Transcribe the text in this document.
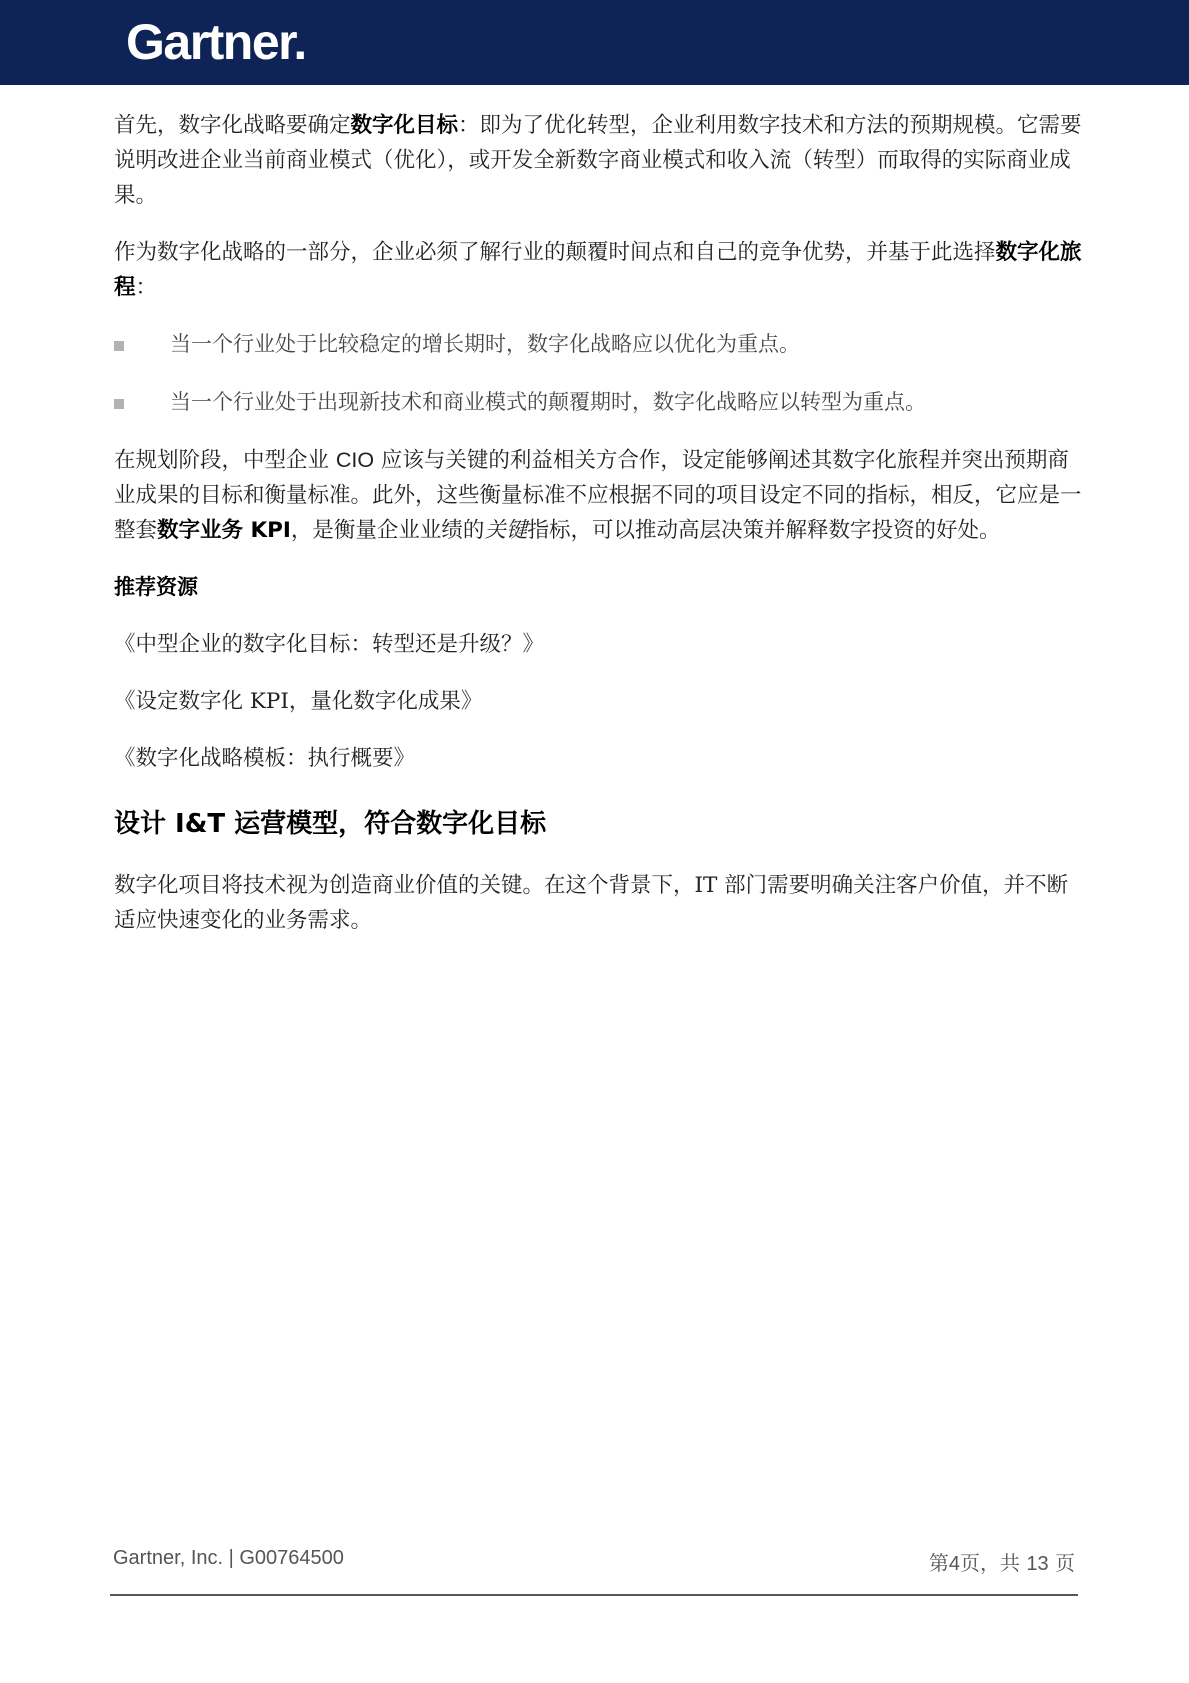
Gartner.

首先，数字化战略要确定数字化目标：即为了优化转型，企业利用数字技术和方法的预期规模。它需要说明改进企业当前商业模式（优化），或开发全新数字商业模式和收入流（转型）而取得的实际商业成果。

作为数字化战略的一部分，企业必须了解行业的颠覆时间点和自己的竞争优势，并基于此选择数字化旅程：

当一个行业处于比较稳定的增长期时，数字化战略应以优化为重点。
当一个行业处于出现新技术和商业模式的颠覆期时，数字化战略应以转型为重点。

在规划阶段，中型企业 CIO 应该与关键的利益相关方合作，设定能够阐述其数字化旅程并突出预期商业成果的目标和衡量标准。此外，这些衡量标准不应根据不同的项目设定不同的指标，相反，它应是一整套数字业务 KPI，是衡量企业业绩的关键指标，可以推动高层决策并解释数字投资的好处。

推荐资源
《中型企业的数字化目标：转型还是升级？》
《设定数字化 KPI，量化数字化成果》
《数字化战略模板：执行概要》
设计 I&T 运营模型，符合数字化目标

数字化项目将技术视为创造商业价值的关键。在这个背景下，IT 部门需要明确关注客户价值，并不断适应快速变化的业务需求。

Gartner, Inc. | G00764500	第4页，共 13 页
